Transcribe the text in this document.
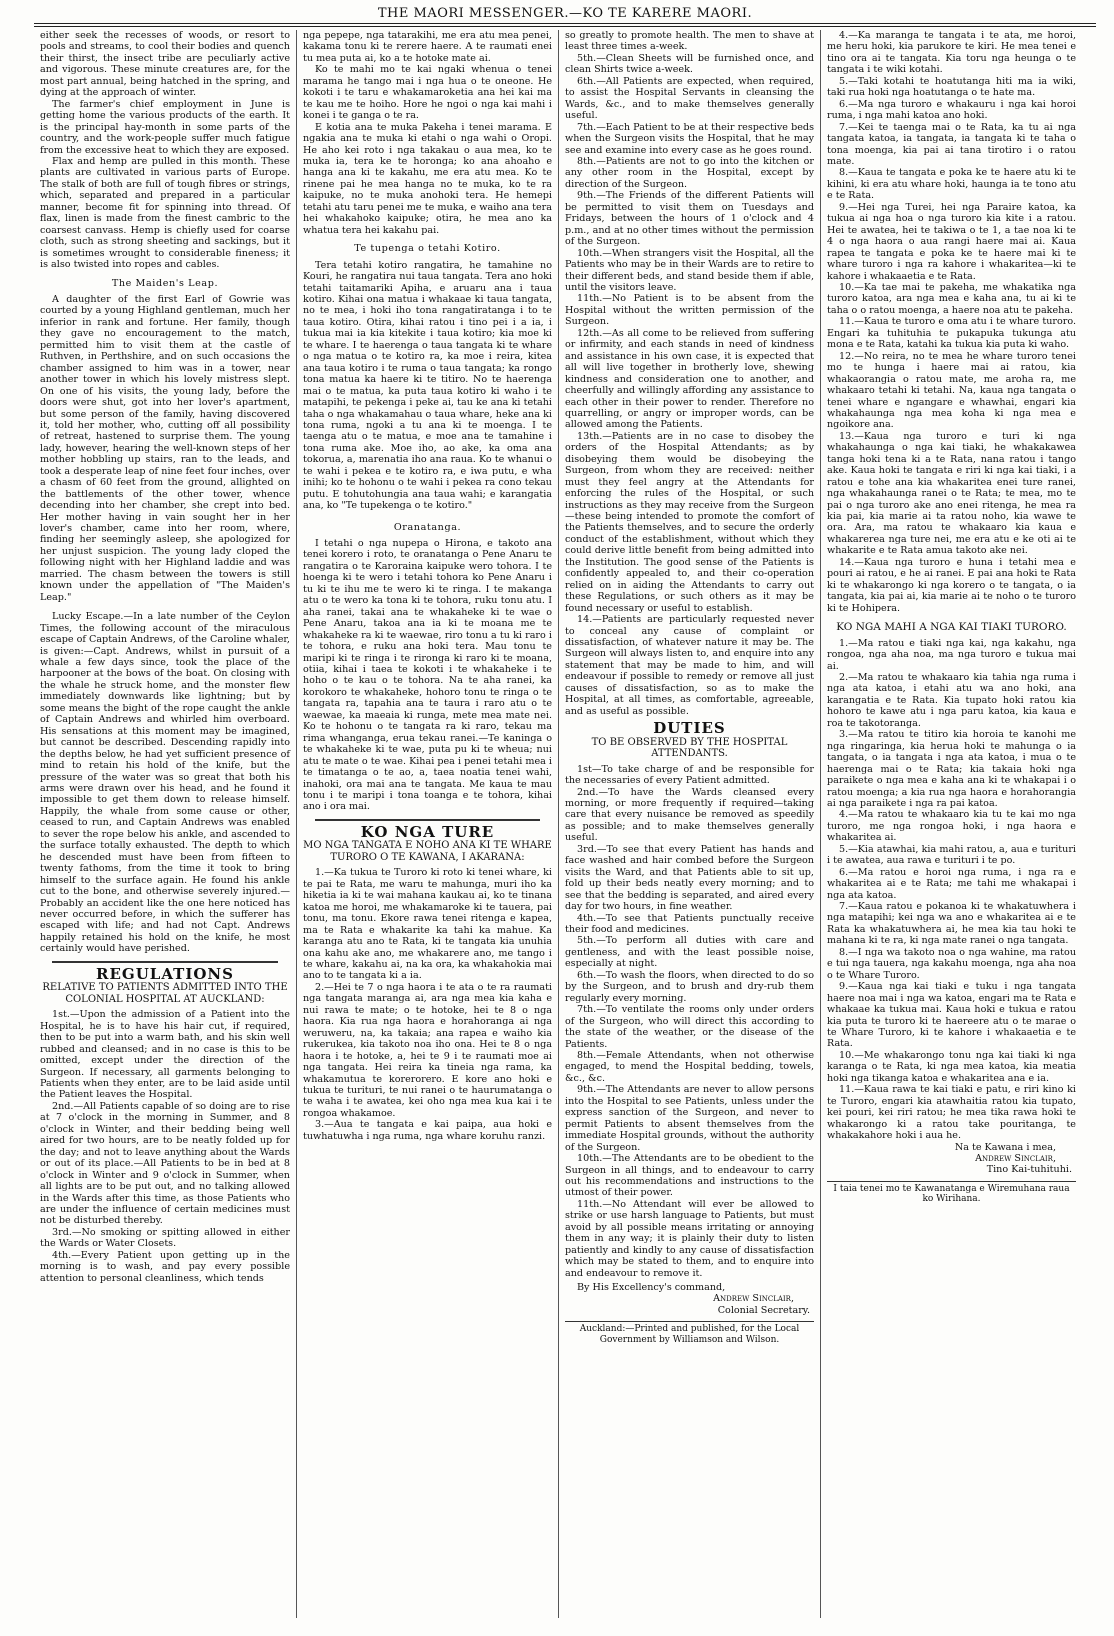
THE MAORI MESSENGER.—KO TE KARERE MAORI.

either seek the recesses of woods, or resort to pools and streams, to cool their bodies and quench their thirst, the insect tribe are peculiarly active and vigorous. These minute creatures are, for the most part annual, being hatched in the spring, and dying at the approach of winter.

The farmer's chief employment in June is getting home the various products of the earth. It is the principal hay-month in some parts of the country, and the work-people suffer much fatigue from the excessive heat to which they are exposed.

Flax and hemp are pulled in this month. These plants are cultivated in various parts of Europe. The stalk of both are full of tough fibres or strings, which, separated and prepared in a particular manner, become fit for spinning into thread. Of flax, linen is made from the finest cambric to the coarsest canvass. Hemp is chiefly used for coarse cloth, such as strong sheeting and sackings, but it is sometimes wrought to considerable fineness; it is also twisted into ropes and cables.

The Maiden's Leap.

A daughter of the first Earl of Gowrie was courted by a young Highland gentleman, much her inferior in rank and fortune. Her family, though they gave no encouragement to the match, permitted him to visit them at the castle of Ruthven, in Perthshire, and on such occasions the chamber assigned to him was in a tower, near another tower in which his lovely mistress slept. On one of his visits, the young lady, before the doors were shut, got into her lover's apartment, but some person of the family, having discovered it, told her mother, who, cutting off all possibility of retreat, hastened to surprise them. The young lady, however, hearing the well-known steps of her mother hobbling up stairs, ran to the leads, and took a desperate leap of nine feet four inches, over a chasm of 60 feet from the ground, allighted on the battlements of the other tower, whence decending into her chamber, she crept into bed. Her mother having in vain sought her in her lover's chamber, came into her room, where, finding her seemingly asleep, she apologized for her unjust suspicion. The young lady cloped the following night with her Highland laddie and was married. The chasm between the towers is still known under the appellation of "The Maiden's Leap."

Lucky Escape.—In a late number of the Ceylon Times, the following account of the miraculous escape of Captain Andrews, of the Caroline whaler, is given:—Capt. Andrews, whilst in pursuit of a whale a few days since, took the place of the harpooner at the bows of the boat. On closing with the whale he struck home, and the monster flew immediately downwards like lightning; but by some means the bight of the rope caught the ankle of Captain Andrews and whirled him overboard. His sensations at this moment may be imagined, but cannot be described. Descending rapidly into the depths below, he had yet sufficient presence of mind to retain his hold of the knife, but the pressure of the water was so great that both his arms were drawn over his head, and he found it impossible to get them down to release himself. Happily, the whale from some cause or other, ceased to run, and Captain Andrews was enabled to sever the rope below his ankle, and ascended to the surface totally exhausted. The depth to which he descended must have been from fifteen to twenty fathoms, from the time it took to bring himself to the surface again. He found his ankle cut to the bone, and otherwise severely injured.—Probably an accident like the one here noticed has never occurred before, in which the sufferer has escaped with life; and had not Capt. Andrews happily retained his hold on the knife, he most certainly would have perished.

REGULATIONS
RELATIVE TO PATIENTS ADMITTED INTO THE COLONIAL HOSPITAL AT AUCKLAND:

1st.—Upon the admission of a Patient into the Hospital, he is to have his hair cut, if required, then to be put into a warm bath, and his skin well rubbed and cleansed; and in no case is this to be omitted, except under the direction of the Surgeon. If necessary, all garments belonging to Patients when they enter, are to be laid aside until the Patient leaves the Hospital.

2nd.—All Patients capable of so doing are to rise at 7 o'clock in the morning in Summer, and 8 o'clock in Winter, and their bedding being well aired for two hours, are to be neatly folded up for the day; and not to leave anything about the Wards or out of its place.—All Patients to be in bed at 8 o'clock in Winter and 9 o'clock in Summer, when all lights are to be put out, and no talking allowed in the Wards after this time, as those Patients who are under the influence of certain medicines must not be disturbed thereby.

3rd.—No smoking or spitting allowed in either the Wards or Water Closets.

4th.—Every Patient upon getting up in the morning is to wash, and pay every possible attention to personal cleanliness, which tends

nga pepepe, nga tatarakihi, me era atu mea penei, kakama tonu ki te rerere haere. A te raumati enei tu mea puta ai, ko a te hotoke mate ai.

Ko te mahi mo te kai ngaki whenua o tenei marama he tango mai i nga hua o te oneone. He kokoti i te taru e whakamaroketia ana hei kai ma te kau me te hoiho. Hore he ngoi o nga kai mahi i konei i te ganga o te ra.

E kotia ana te muka Pakeha i tenei marama. E ngakia ana te muka ki etahi o nga wahi o Oropi. He aho kei roto i nga takakau o aua mea, ko te muka ia, tera ke te horonga; ko ana ahoaho e hanga ana ki te kakahu, me era atu mea. Ko te rinene pai he mea hanga no te muka, ko te ra kaipuke, no te muka anohoki tera. He hemepi tetahi atu taru penei me te muka, e waiho ana tera hei whakahoko kaipuke; otira, he mea ano ka whatua tera hei kakahu pai.

Te tupenga o tetahi Kotiro.

Tera tetahi kotiro rangatira, he tamahine no Kouri, he rangatira nui taua tangata. Tera ano hoki tetahi taitamariki Apiha, e aruaru ana i taua kotiro. Kihai ona matua i whakaae ki taua tangata, no te mea, i hoki iho tona rangatiratanga i to te taua kotiro. Otira, kihai ratou i tino pei i a ia, i tukua mai ia kia kitekite i taua kotiro; kia moe ki te whare. I te haerenga o taua tangata ki te whare o nga matua o te kotiro ra, ka moe i reira, kitea ana taua kotiro i te ruma o taua tangata; ka rongo tona matua ka haere ki te titiro. No te haerenga mai o te matua, ka puta taua kotiro ki waho i te matapihi, te pekenga i peke ai, tau ke ana ki tetahi taha o nga whakamahau o taua whare, heke ana ki tona ruma, ngoki a tu ana ki te moenga. I te taenga atu o te matua, e moe ana te tamahine i tona ruma ake. Moe iho, ao ake, ka oma ana tokorua, a, marenatia iho ana raua. Ko te whanui o te wahi i pekea e te kotiro ra, e iwa putu, e wha inihi; ko te hohonu o te wahi i pekea ra cono tekau putu. E tohutohungia ana taua wahi; e karangatia ana, ko "Te tupekenga o te kotiro."

Oranatanga.

I tetahi o nga nupepa o Hirona, e takoto ana tenei korero i roto, te oranatanga o Pene Anaru te rangatira o te Karoraina kaipuke wero tohora. I te hoenga ki te wero i tetahi tohora ko Pene Anaru i tu ki te ihu me te wero ki te ringa. I te makanga atu o te wero ka tona ki te tohora, ruku tonu atu. I aha ranei, takai ana te whakaheke ki te wae o Pene Anaru, takoa ana ia ki te moana me te whakaheke ra ki te waewae, riro tonu a tu ki raro i te tohora, e ruku ana hoki tera. Mau tonu te maripi ki te ringa i te rironga ki raro ki te moana, otiia, kihai i taea te kokoti i te whakaheke i te hoho o te kau o te tohora. Na te aha ranei, ka korokoro te whakaheke, hohoro tonu te ringa o te tangata ra, tapahia ana te taura i raro atu o te waewae, ka maeaia ki runga, mete mea mate nei. Ko te hohonu o te tangata ra ki raro, tekau ma rima whanganga, erua tekau ranei.—Te kaninga o te whakaheke ki te wae, puta pu ki te wheua; nui atu te mate o te wae. Kihai pea i penei tetahi mea i te timatanga o te ao, a, taea noatia tenei wahi, inahoki, ora mai ana te tangata. Me kaua te mau tonu i te maripi i tona toanga e te tohora, kihai ano i ora mai.

KO NGA TURE
MO NGA TANGATA E NOHO ANA KI TE WHARE TURORO O TE KAWANA, I AKARANA:

1.—Ka tukua te Turoro ki roto ki tenei whare, ki te pai te Rata, me waru te mahunga, muri iho ka hiketia ia ki te wai mahana kaukau ai, ko te tinana katoa me horoi, me whakamaroke ki te tauera, pai tonu, ma tonu. Ekore rawa tenei ritenga e kapea, ma te Rata e whakarite ka tahi ka mahue. Ka karanga atu ano te Rata, ki te tangata kia unuhia ona kahu ake ano, me whakarere ano, me tango i te whare, kakahu ai, na ka ora, ka whakahokia mai ano to te tangata ki a ia.

2.—Hei te 7 o nga haora i te ata o te ra raumati nga tangata maranga ai, ara nga mea kia kaha e nui rawa te mate; o te hotoke, hei te 8 o nga haora. Kia rua nga haora e horahoranga ai nga weruweru, na, ka takaia; ana rapea e waiho kia rukerukea, kia takoto noa iho ona. Hei te 8 o nga haora i te hotoke, a, hei te 9 i te raumati moe ai nga tangata. Hei reira ka tineia nga rama, ka whakamutua te korerorero. E kore ano hoki e tukua te turituri, te nui ranei o te haurumatanga o te waha i te awatea, kei oho nga mea kua kai i te rongoa whakamoe.

3.—Aua te tangata e kai paipa, aua hoki e tuwhatuwha i nga ruma, nga whare koruhu ranzi.

so greatly to promote health. The men to shave at least three times a-week.

5th.—Clean Sheets will be furnished once, and clean Shirts twice a-week.

6th.—All Patients are expected, when required, to assist the Hospital Servants in cleansing the Wards, &c., and to make themselves generally useful.

7th.—Each Patient to be at their respective beds when the Surgeon visits the Hospital, that he may see and examine into every case as he goes round.

8th.—Patients are not to go into the kitchen or any other room in the Hospital, except by direction of the Surgeon.

9th.—The Friends of the different Patients will be permitted to visit them on Tuesdays and Fridays, between the hours of 1 o'clock and 4 p.m., and at no other times without the permission of the Surgeon.

10th.—When strangers visit the Hospital, all the Patients who may be in their Wards are to retire to their different beds, and stand beside them if able, until the visitors leave.

11th.—No Patient is to be absent from the Hospital without the written permission of the Surgeon.

12th.—As all come to be relieved from suffering or infirmity, and each stands in need of kindness and assistance in his own case, it is expected that all will live together in brotherly love, shewing kindness and consideration one to another, and cheerfully and willingly affording any assistance to each other in their power to render. Therefore no quarrelling, or angry or improper words, can be allowed among the Patients.

13th.—Patients are in no case to disobey the orders of the Hospital Attendants; as by disobeying them would be disobeying the Surgeon, from whom they are received: neither must they feel angry at the Attendants for enforcing the rules of the Hospital, or such instructions as they may receive from the Surgeon—these being intended to promote the comfort of the Patients themselves, and to secure the orderly conduct of the establishment, without which they could derive little benefit from being admitted into the Institution. The good sense of the Patients is confidently appealed to, and their co-operation relied on in aiding the Attendants to carry out these Regulations, or such others as it may be found necessary or useful to establish.

14.—Patients are particularly requested never to conceal any cause of complaint or dissatisfaction, of whatever nature it may be. The Surgeon will always listen to, and enquire into any statement that may be made to him, and will endeavour if possible to remedy or remove all just causes of dissatisfaction, so as to make the Hospital, at all times, as comfortable, agreeable, and as useful as possible.

DUTIES
TO BE OBSERVED BY THE HOSPITAL ATTENDANTS.

1st—To take charge of and be responsible for the necessaries of every Patient admitted.

2nd.—To have the Wards cleansed every morning, or more frequently if required—taking care that every nuisance be removed as speedily as possible; and to make themselves generally useful.

3rd.—To see that every Patient has hands and face washed and hair combed before the Surgeon visits the Ward, and that Patients able to sit up, fold up their beds neatly every morning; and to see that the bedding is separated, and aired every day for two hours, in fine weather.

4th.—To see that Patients punctually receive their food and medicines.

5th.—To perform all duties with care and gentleness, and with the least possible noise, especially at night.

6th.—To wash the floors, when directed to do so by the Surgeon, and to brush and dry-rub them regularly every morning.

7th.—To ventilate the rooms only under orders of the Surgeon, who will direct this according to the state of the weather, or the disease of the Patients.

8th.—Female Attendants, when not otherwise engaged, to mend the Hospital bedding, towels, &c., &c.

9th.—The Attendants are never to allow persons into the Hospital to see Patients, unless under the express sanction of the Surgeon, and never to permit Patients to absent themselves from the immediate Hospital grounds, without the authority of the Surgeon.

10th.—The Attendants are to be obedient to the Surgeon in all things, and to endeavour to carry out his recommendations and instructions to the utmost of their power.

11th.—No Attendant will ever be allowed to strike or use harsh language to Patients, but must avoid by all possible means irritating or annoying them in any way; it is plainly their duty to listen patiently and kindly to any cause of dissatisfaction which may be stated to them, and to enquire into and endeavour to remove it.

By His Excellency's command,

Andrew Sinclair,

Colonial Secretary.

Auckland:—Printed and published, for the Local Government by Williamson and Wilson.

4.—Ka maranga te tangata i te ata, me horoi, me heru hoki, kia parukore te kiri. He mea tenei e tino ora ai te tangata. Kia toru nga heunga o te tangata i te wiki kotahi.

5.—Taki kotahi te hoatutanga hiti ma ia wiki, taki rua hoki nga hoatutanga o te hate ma.

6.—Ma nga turoro e whakauru i nga kai horoi ruma, i nga mahi katoa ano hoki.

7.—Kei te taenga mai o te Rata, ka tu ai nga tangata katoa, ia tangata, ia tangata ki te taha o tona moenga, kia pai ai tana tirotiro i o ratou mate.

8.—Kaua te tangata e poka ke te haere atu ki te kihini, ki era atu whare hoki, haunga ia te tono atu e te Rata.

9.—Hei nga Turei, hei nga Paraire katoa, ka tukua ai nga hoa o nga turoro kia kite i a ratou. Hei te awatea, hei te takiwa o te 1, a tae noa ki te 4 o nga haora o aua rangi haere mai ai. Kaua rapea te tangata e poka ke te haere mai ki te whare turoro i nga ra kahore i whakaritea—ki te kahore i whakaaetia e te Rata.

10.—Ka tae mai te pakeha, me whakatika nga turoro katoa, ara nga mea e kaha ana, tu ai ki te taha o o ratou moenga, a haere noa atu te pakeha.

11.—Kaua te turoro e oma atu i te whare turoro. Engari ka tuhituhia te pukapuka tukunga atu mona e te Rata, katahi ka tukua kia puta ki waho.

12.—No reira, no te mea he whare turoro tenei mo te hunga i haere mai ai ratou, kia whakaorangia o ratou mate, me aroha ra, me whakaaro tetahi ki tetahi. Na, kaua nga tangata o tenei whare e ngangare e whawhai, engari kia whakahaunga nga mea koha ki nga mea e ngoikore ana.

13.—Kaua nga turoro e turi ki nga whakahaunga o nga kai tiaki, he whakakawea tanga hoki tena ki a te Rata, nana ratou i tango ake. Kaua hoki te tangata e riri ki nga kai tiaki, i a ratou e tohe ana kia whakaritea enei ture ranei, nga whakahaunga ranei o te Rata; te mea, mo te pai o nga turoro ake ano enei ritenga, he mea ra kia pai, kia marie ai ta ratou noho, kia wawe te ora. Ara, ma ratou te whakaaro kia kaua e whakarerea nga ture nei, me era atu e ke oti ai te whakarite e te Rata amua takoto ake nei.

14.—Kaua nga turoro e huna i tetahi mea e pouri ai ratou, e he ai ranei. E pai ana hoki te Rata ki te whakarongo ki nga korero o te tangata, o ia tangata, kia pai ai, kia marie ai te noho o te turoro ki te Hohipera.

KO NGA MAHI A NGA KAI TIAKI TURORO.

1.—Ma ratou e tiaki nga kai, nga kakahu, nga rongoa, nga aha noa, ma nga turoro e tukua mai ai.

2.—Ma ratou te whakaaro kia tahia nga ruma i nga ata katoa, i etahi atu wa ano hoki, ana karangatia e te Rata. Kia tupato hoki ratou kia hohoro te kawe atu i nga paru katoa, kia kaua e roa te takotoranga.

3.—Ma ratou te titiro kia horoia te kanohi me nga ringaringa, kia herua hoki te mahunga o ia tangata, o ia tangata i nga ata katoa, i mua o te haerenga mai o te Rata; kia takaia hoki nga paraikete o nga mea e kaha ana ki te whakapai i o ratou moenga; a kia rua nga haora e horahorangia ai nga paraikete i nga ra pai katoa.

4.—Ma ratou te whakaaro kia tu te kai mo nga turoro, me nga rongoa hoki, i nga haora e whakaritea ai.

5.—Kia atawhai, kia mahi ratou, a, aua e turituri i te awatea, aua rawa e turituri i te po.

6.—Ma ratou e horoi nga ruma, i nga ra e whakaritea ai e te Rata; me tahi me whakapai i nga ata katoa.

7.—Kaua ratou e pokanoa ki te whakatuwhera i nga matapihi; kei nga wa ano e whakaritea ai e te Rata ka whakatuwhera ai, he mea kia tau hoki te mahana ki te ra, ki nga mate ranei o nga tangata.

8.—I nga wa takoto noa o nga wahine, ma ratou e tui nga tauera, nga kakahu moenga, nga aha noa o te Whare Turoro.

9.—Kaua nga kai tiaki e tuku i nga tangata haere noa mai i nga wa katoa, engari ma te Rata e whakaae ka tukua mai. Kaua hoki e tukua e ratou kia puta te turoro ki te haereere atu o te marae o te Whare Turoro, ki te kahore i whakaaetia e te Rata.

10.—Me whakarongo tonu nga kai tiaki ki nga karanga o te Rata, ki nga mea katoa, kia meatia hoki nga tikanga katoa e whakaritea ana e ia.

11.—Kaua rawa te kai tiaki e patu, e riri kino ki te Turoro, engari kia atawhaitia ratou kia tupato, kei pouri, kei riri ratou; he mea tika rawa hoki te whakarongo ki a ratou take pouritanga, te whakakahore hoki i aua he.

Na te Kawana i mea,

Andrew Sinclair,

Tino Kai-tuhituhi.

I taia tenei mo te Kawanatanga e Wiremuhana raua ko Wirihana.
